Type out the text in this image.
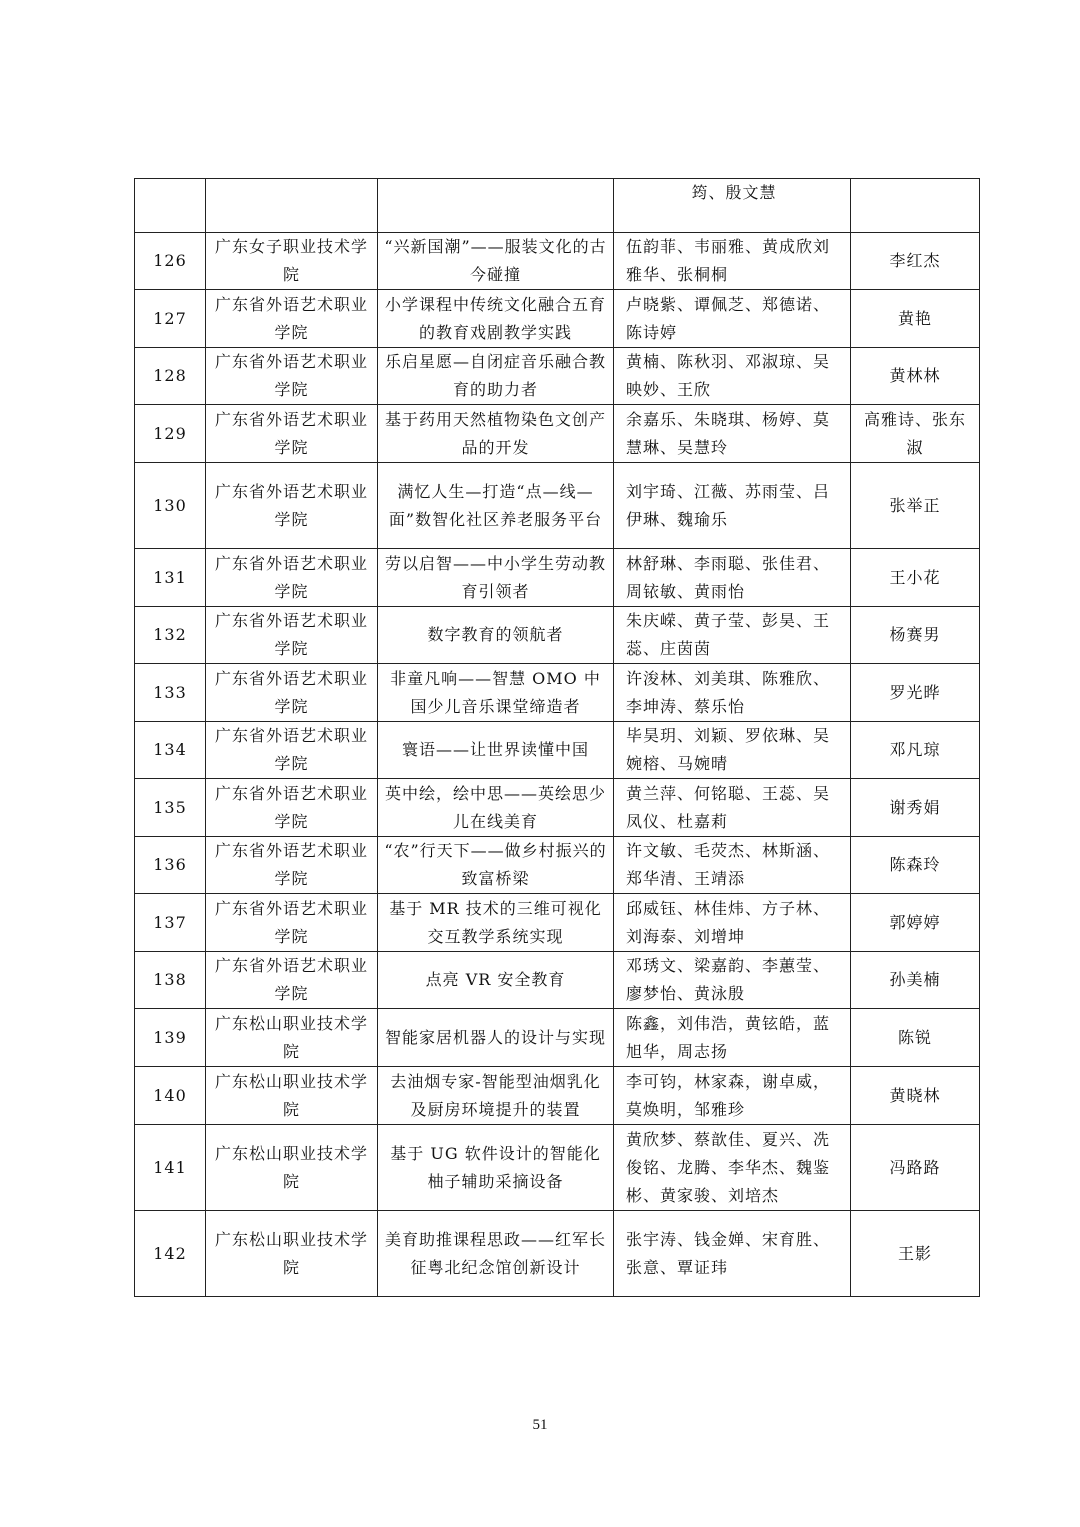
			筠、殷文慧	
126	广东女子职业技术学院	“兴新国潮”——服装文化的古今碰撞	伍韵菲、韦丽雅、黄成欣刘雅华、张桐桐	李红杰
127	广东省外语艺术职业学院	小学课程中传统文化融合五育的教育戏剧教学实践	卢晓紫、谭佩芝、郑德诺、陈诗婷	黄艳
128	广东省外语艺术职业学院	乐启星愿—自闭症音乐融合教育的助力者	黄楠、陈秋羽、邓淑琼、吴映妙、王欣	黄林林
129	广东省外语艺术职业学院	基于药用天然植物染色文创产品的开发	余嘉乐、朱晓琪、杨婷、莫慧琳、吴慧玲	高雅诗、张东淑
130	广东省外语艺术职业学院	满忆人生—打造“点—线—面”数智化社区养老服务平台	刘宇琦、江薇、苏雨莹、吕伊琳、魏瑜乐	张举正
131	广东省外语艺术职业学院	劳以启智——中小学生劳动教育引领者	林舒琳、李雨聪、张佳君、周铱敏、黄雨怡	王小花
132	广东省外语艺术职业学院	数字教育的领航者	朱庆嵘、黄子莹、彭昊、王蕊、庄茵茵	杨赛男
133	广东省外语艺术职业学院	非童凡响——智慧 OMO 中国少儿音乐课堂缔造者	许浚林、刘美琪、陈雅欣、李坤涛、蔡乐怡	罗光晔
134	广东省外语艺术职业学院	寰语——让世界读懂中国	毕昊玥、刘颖、罗依琳、吴婉榕、马婉晴	邓凡琼
135	广东省外语艺术职业学院	英中绘，绘中思——英绘思少儿在线美育	黄兰萍、何铭聪、王蕊、吴凤仪、杜嘉莉	谢秀娟
136	广东省外语艺术职业学院	“农”行天下——做乡村振兴的致富桥梁	许文敏、毛荧杰、林斯涵、郑华清、王靖添	陈森玲
137	广东省外语艺术职业学院	基于 MR 技术的三维可视化交互教学系统实现	邱威钰、林佳炜、方子林、刘海泰、刘增坤	郭婷婷
138	广东省外语艺术职业学院	点亮 VR 安全教育	邓琇文、梁嘉韵、李蕙莹、廖梦怡、黄泳殷	孙美楠
139	广东松山职业技术学院	智能家居机器人的设计与实现	陈鑫，刘伟浩，黄铉皓，蓝旭华，周志扬	陈锐
140	广东松山职业技术学院	去油烟专家-智能型油烟乳化及厨房环境提升的装置	李可钧，林家森，谢卓威，莫焕明，邹雅珍	黄晓林
141	广东松山职业技术学院	基于 UG 软件设计的智能化柚子辅助采摘设备	黄欣梦、蔡歆佳、夏兴、冼俊铭、龙腾、李华杰、魏鉴彬、黄家骏、刘培杰	冯路路
142	广东松山职业技术学院	美育助推课程思政——红军长征粤北纪念馆创新设计	张宇涛、钱金婵、宋育胜、张意、覃证玮	王影
51
